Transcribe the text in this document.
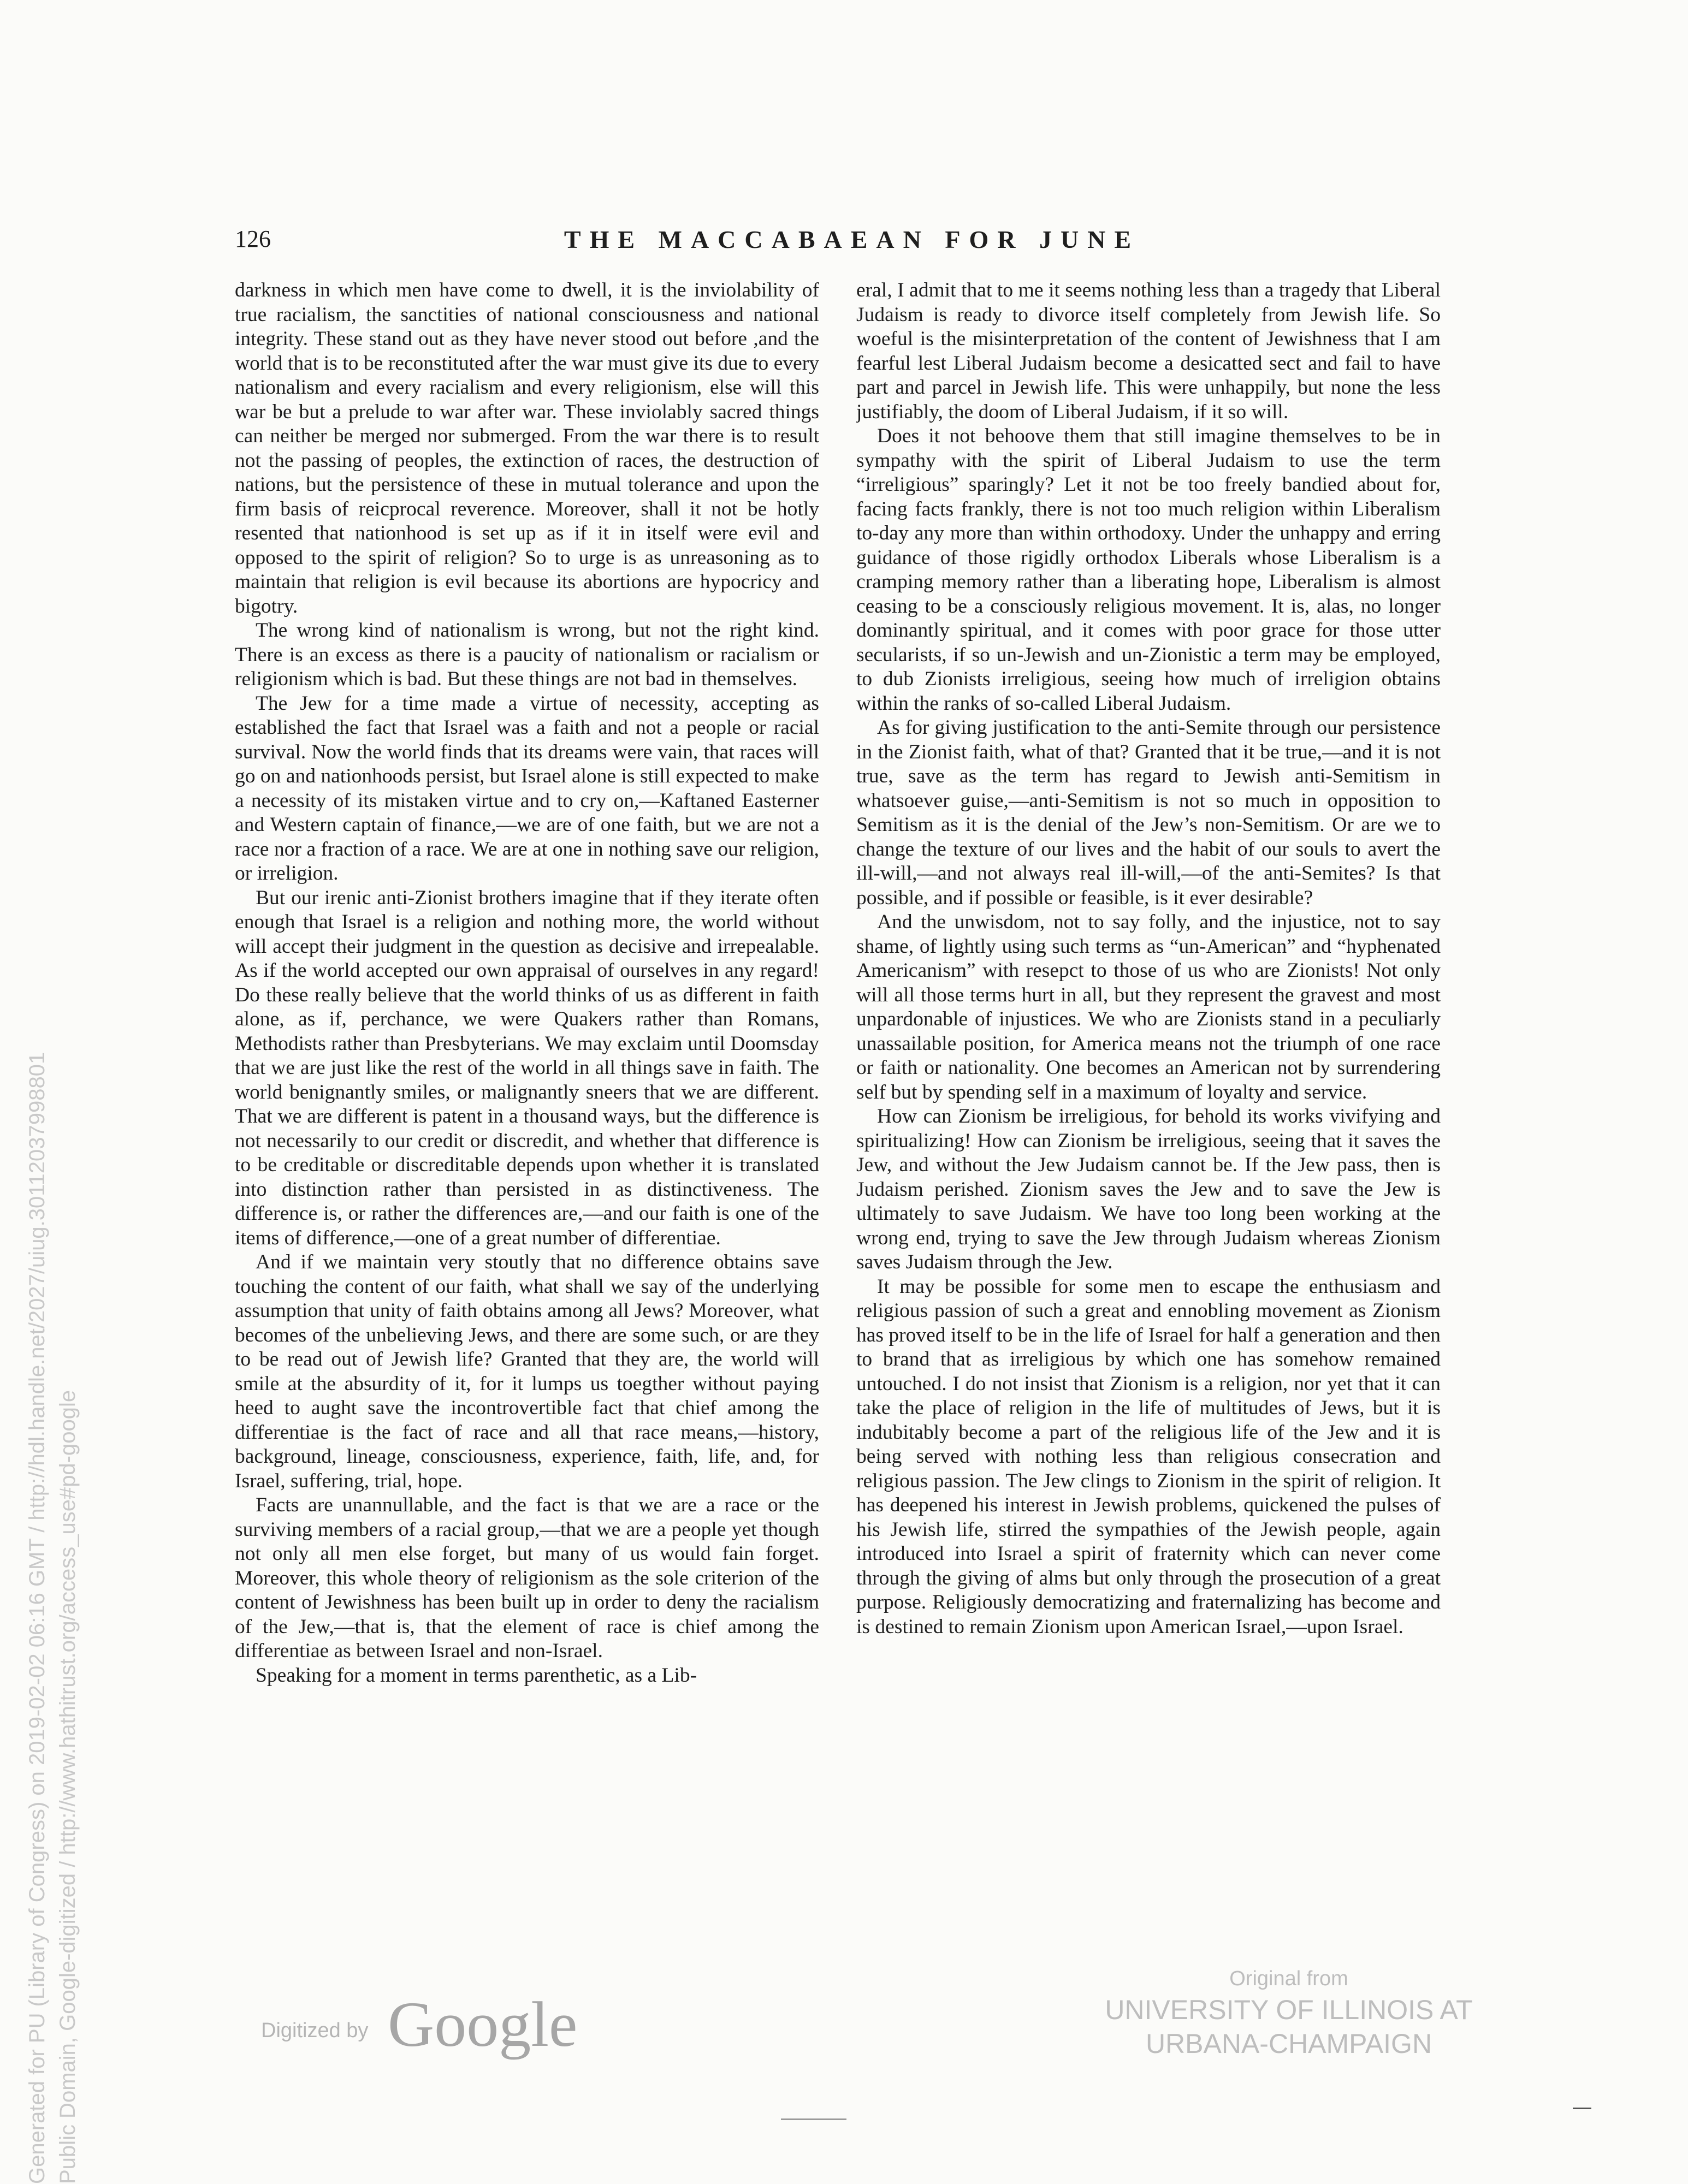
Generated for PU (Library of Congress) on 2019-02-02 06:16 GMT / http://hdl.handle.net/2027/uiug.30112037998801 Public Domain, Google-digitized / http://www.hathitrust.org/access_use#pd-google
126	THE MACCABAEAN FOR JUNE

darkness in which men have come to dwell, it is the inviolability of true racialism, the sanctities of national consciousness and national integrity. These stand out as they have never stood out before ,and the world that is to be reconstituted after the war must give its due to every nationalism and every racialism and every religionism, else will this war be but a prelude to war after war. These inviolably sacred things can neither be merged nor submerged. From the war there is to result not the passing of peoples, the extinction of races, the destruction of nations, but the persistence of these in mutual tolerance and upon the firm basis of reicprocal reverence. Moreover, shall it not be hotly resented that nationhood is set up as if it in itself were evil and opposed to the spirit of religion? So to urge is as unreasoning as to maintain that religion is evil because its abortions are hypocricy and bigotry.

The wrong kind of nationalism is wrong, but not the right kind. There is an excess as there is a paucity of nationalism or racialism or religionism which is bad. But these things are not bad in themselves.

The Jew for a time made a virtue of necessity, accepting as established the fact that Israel was a faith and not a people or racial survival. Now the world finds that its dreams were vain, that races will go on and nationhoods persist, but Israel alone is still expected to make a necessity of its mistaken virtue and to cry on,—Kaftaned Easterner and Western captain of finance,—we are of one faith, but we are not a race nor a fraction of a race. We are at one in nothing save our religion, or irreligion.

But our irenic anti-Zionist brothers imagine that if they iterate often enough that Israel is a religion and nothing more, the world without will accept their judgment in the question as decisive and irrepealable. As if the world accepted our own appraisal of ourselves in any regard! Do these really believe that the world thinks of us as different in faith alone, as if, perchance, we were Quakers rather than Romans, Methodists rather than Presbyterians. We may exclaim until Doomsday that we are just like the rest of the world in all things save in faith. The world benignantly smiles, or malignantly sneers that we are different. That we are different is patent in a thousand ways, but the difference is not necessarily to our credit or discredit, and whether that difference is to be creditable or discreditable depends upon whether it is translated into distinction rather than persisted in as distinctiveness. The difference is, or rather the differences are,—and our faith is one of the items of difference,—one of a great number of differentiae.

And if we maintain very stoutly that no difference obtains save touching the content of our faith, what shall we say of the underlying assumption that unity of faith obtains among all Jews? Moreover, what becomes of the unbelieving Jews, and there are some such, or are they to be read out of Jewish life? Granted that they are, the world will smile at the absurdity of it, for it lumps us toegther without paying heed to aught save the incontrovertible fact that chief among the differentiae is the fact of race and all that race means,—history, background, lineage, consciousness, experience, faith, life, and, for Israel, suffering, trial, hope.

Facts are unannullable, and the fact is that we are a race or the surviving members of a racial group,—that we are a people yet though not only all men else forget, but many of us would fain forget. Moreover, this whole theory of religionism as the sole criterion of the content of Jewishness has been built up in order to deny the racialism of the Jew,—that is, that the element of race is chief among the differentiae as between Israel and non-Israel.

Speaking for a moment in terms parenthetic, as a Lib-

eral, I admit that to me it seems nothing less than a tragedy that Liberal Judaism is ready to divorce itself completely from Jewish life. So woeful is the misinterpretation of the content of Jewishness that I am fearful lest Liberal Judaism become a desicatted sect and fail to have part and parcel in Jewish life. This were unhappily, but none the less justifiably, the doom of Liberal Judaism, if it so will.

Does it not behoove them that still imagine themselves to be in sympathy with the spirit of Liberal Judaism to use the term “irreligious” sparingly? Let it not be too freely bandied about for, facing facts frankly, there is not too much religion within Liberalism to-day any more than within orthodoxy. Under the unhappy and erring guidance of those rigidly orthodox Liberals whose Liberalism is a cramping memory rather than a liberating hope, Liberalism is almost ceasing to be a consciously religious movement. It is, alas, no longer dominantly spiritual, and it comes with poor grace for those utter secularists, if so un-Jewish and un-Zionistic a term may be employed, to dub Zionists irreligious, seeing how much of irreligion obtains within the ranks of so-called Liberal Judaism.

As for giving justification to the anti-Semite through our persistence in the Zionist faith, what of that? Granted that it be true,—and it is not true, save as the term has regard to Jewish anti-Semitism in whatsoever guise,—anti-Semitism is not so much in opposition to Semitism as it is the denial of the Jew’s non-Semitism. Or are we to change the texture of our lives and the habit of our souls to avert the ill-will,—and not always real ill-will,—of the anti-Semites? Is that possible, and if possible or feasible, is it ever desirable?

And the unwisdom, not to say folly, and the injustice, not to say shame, of lightly using such terms as “un-American” and “hyphenated Americanism” with resepct to those of us who are Zionists! Not only will all those terms hurt in all, but they represent the gravest and most unpardonable of injustices. We who are Zionists stand in a peculiarly unassailable position, for America means not the triumph of one race or faith or nationality. One becomes an American not by surrendering self but by spending self in a maximum of loyalty and service.

How can Zionism be irreligious, for behold its works vivifying and spiritualizing! How can Zionism be irreligious, seeing that it saves the Jew, and without the Jew Judaism cannot be. If the Jew pass, then is Judaism perished. Zionism saves the Jew and to save the Jew is ultimately to save Judaism. We have too long been working at the wrong end, trying to save the Jew through Judaism whereas Zionism saves Judaism through the Jew.

It may be possible for some men to escape the enthusiasm and religious passion of such a great and ennobling movement as Zionism has proved itself to be in the life of Israel for half a generation and then to brand that as irreligious by which one has somehow remained untouched. I do not insist that Zionism is a religion, nor yet that it can take the place of religion in the life of multitudes of Jews, but it is indubitably become a part of the religious life of the Jew and it is being served with nothing less than religious consecration and religious passion. The Jew clings to Zionism in the spirit of religion. It has deepened his interest in Jewish problems, quickened the pulses of his Jewish life, stirred the sympathies of the Jewish people, again introduced into Israel a spirit of fraternity which can never come through the giving of alms but only through the prosecution of a great purpose. Religiously democratizing and fraternalizing has become and is destined to remain Zionism upon American Israel,—upon Israel.

Digitized by Google
Original from
UNIVERSITY OF ILLINOIS AT
URBANA-CHAMPAIGN
